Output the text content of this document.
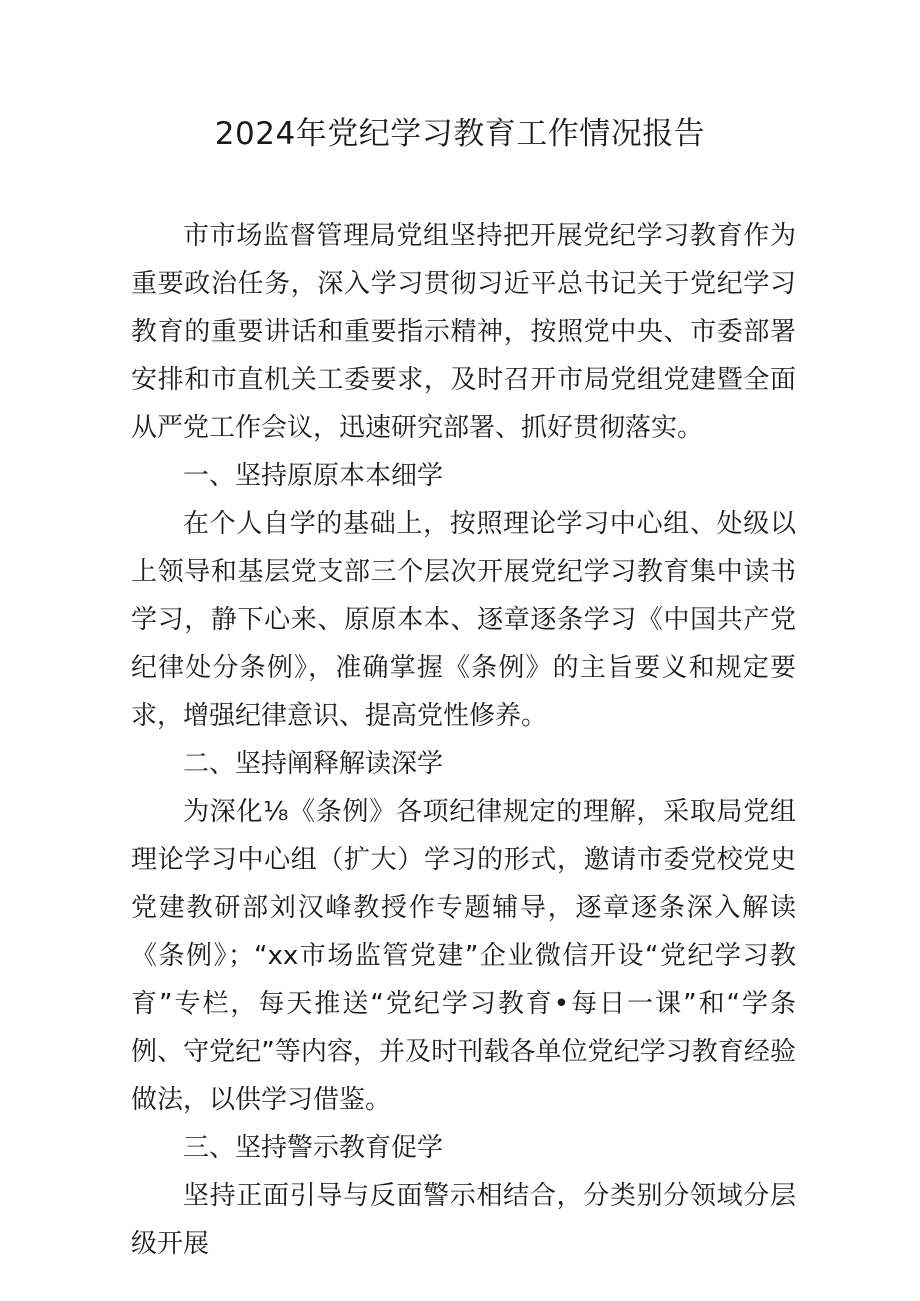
2024年党纪学习教育工作情况报告

市市场监督管理局党组坚持把开展党纪学习教育作为重要政治任务，深入学习贯彻习近平总书记关于党纪学习教育的重要讲话和重要指示精神，按照党中央、市委部署安排和市直机关工委要求，及时召开市局党组党建暨全面从严党工作会议，迅速研究部署、抓好贯彻落实。

一、坚持原原本本细学

在个人自学的基础上，按照理论学习中心组、处级以上领导和基层党支部三个层次开展党纪学习教育集中读书学习，静下心来、原原本本、逐章逐条学习《中国共产党纪律处分条例》，准确掌握《条例》的主旨要义和规定要求，增强纪律意识、提高党性修养。

二、坚持阐释解读深学

为深化⅛《条例》各项纪律规定的理解，采取局党组理论学习中心组（扩大）学习的形式，邀请市委党校党史党建教研部刘汉峰教授作专题辅导，逐章逐条深入解读《条例》；“xx市场监管党建”企业微信开设“党纪学习教育”专栏，每天推送“党纪学习教育•每日一课”和“学条例、守党纪”等内容，并及时刊载各单位党纪学习教育经验做法，以供学习借鉴。

三、坚持警示教育促学

坚持正面引导与反面警示相结合，分类别分领域分层级开展
